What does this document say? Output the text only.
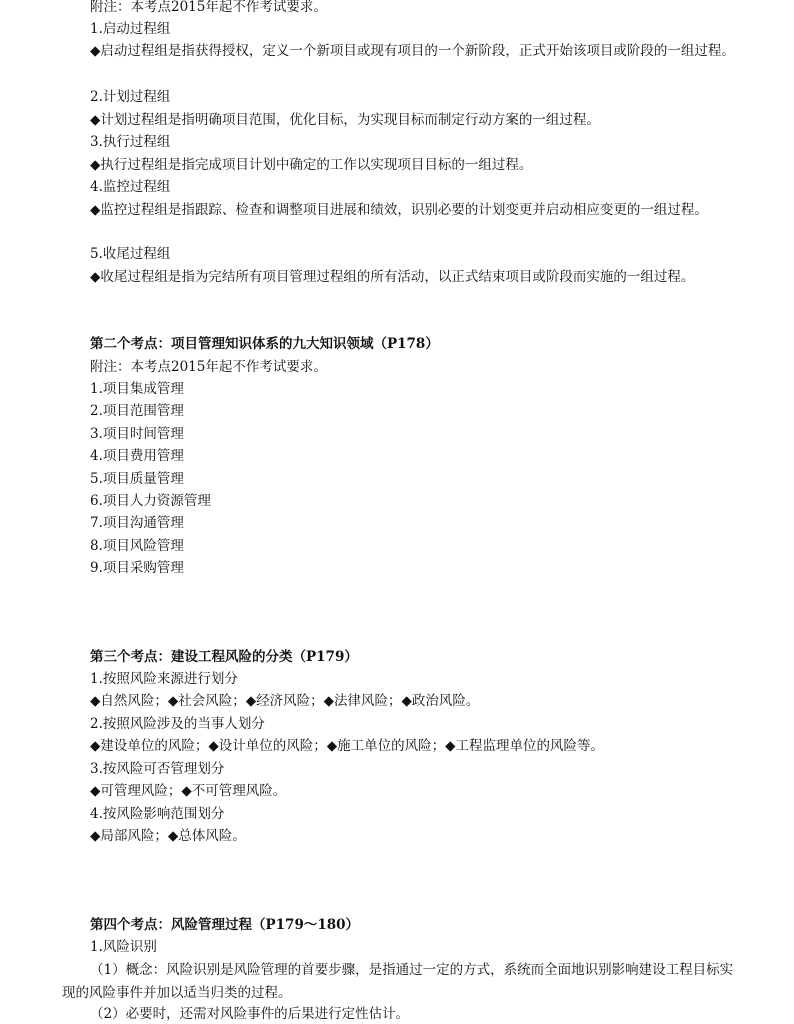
附注：本考点2015年起不作考试要求。
1.启动过程组
◆启动过程组是指获得授权，定义一个新项目或现有项目的一个新阶段，正式开始该项目或阶段的一组过程。
2.计划过程组
◆计划过程组是指明确项目范围，优化目标，为实现目标而制定行动方案的一组过程。
3.执行过程组
◆执行过程组是指完成项目计划中确定的工作以实现项目目标的一组过程。
4.监控过程组
◆监控过程组是指跟踪、检查和调整项目进展和绩效，识别必要的计划变更并启动相应变更的一组过程。
5.收尾过程组
◆收尾过程组是指为完结所有项目管理过程组的所有活动，以正式结束项目或阶段而实施的一组过程。
第二个考点：项目管理知识体系的九大知识领域（P178）
附注：本考点2015年起不作考试要求。
1.项目集成管理
2.项目范围管理
3.项目时间管理
4.项目费用管理
5.项目质量管理
6.项目人力资源管理
7.项目沟通管理
8.项目风险管理
9.项目采购管理
第三个考点：建设工程风险的分类（P179）
1.按照风险来源进行划分
◆自然风险；◆社会风险；◆经济风险；◆法律风险；◆政治风险。
2.按照风险涉及的当事人划分
◆建设单位的风险；◆设计单位的风险；◆施工单位的风险；◆工程监理单位的风险等。
3.按风险可否管理划分
◆可管理风险；◆不可管理风险。
4.按风险影响范围划分
◆局部风险；◆总体风险。
第四个考点：风险管理过程（P179～180）
1.风险识别
（1）概念：风险识别是风险管理的首要步骤，是指通过一定的方式，系统而全面地识别影响建设工程目标实现的风险事件并加以适当归类的过程。
（2）必要时，还需对风险事件的后果进行定性估计。
